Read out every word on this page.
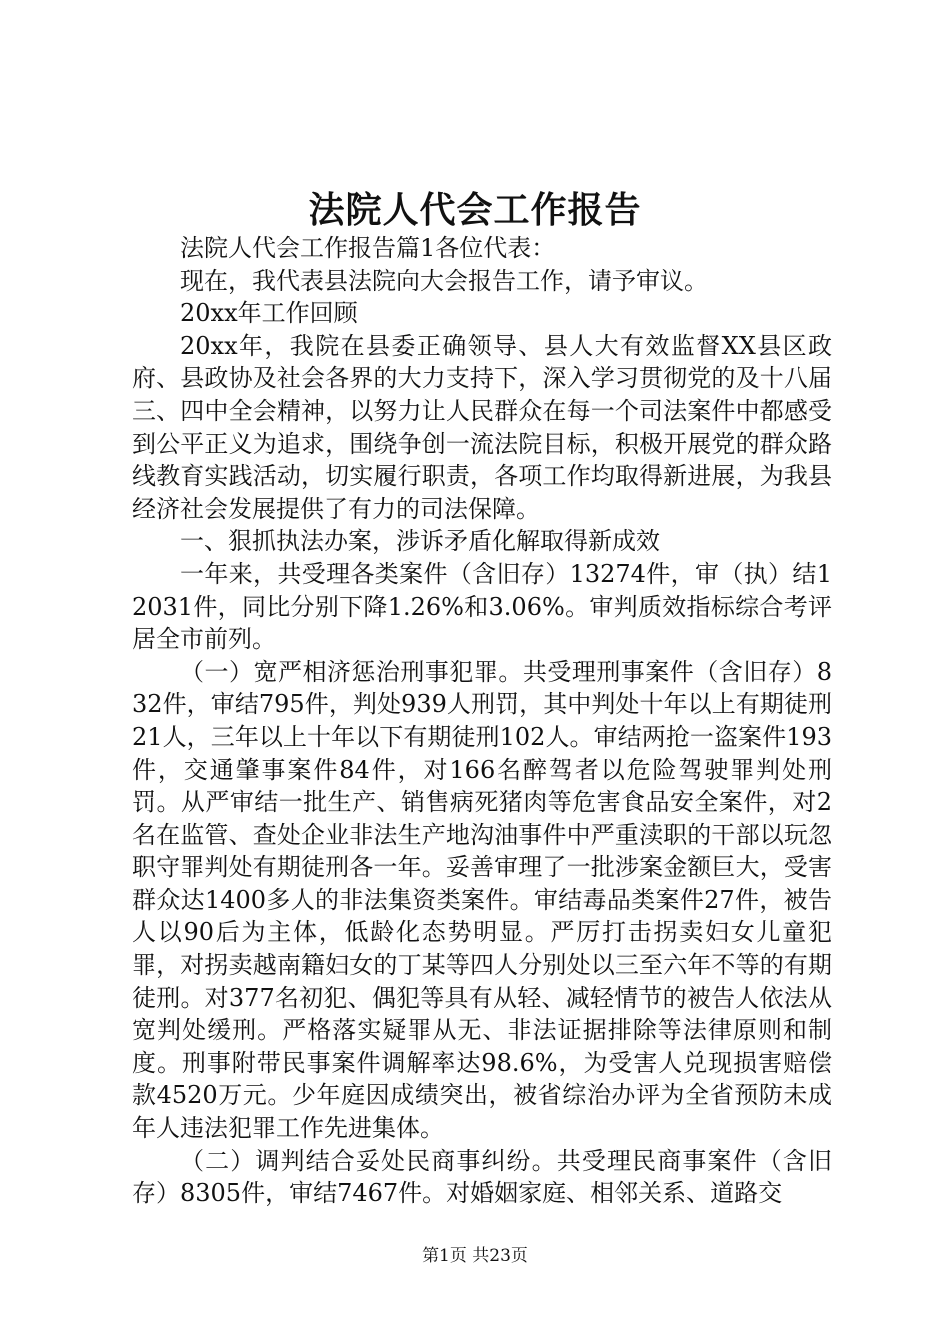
法院人代会工作报告

法院人代会工作报告篇1各位代表：

现在，我代表县法院向大会报告工作，请予审议。

20xx年工作回顾

20xx年，我院在县委正确领导、县人大有效监督XX县区政府、县政协及社会各界的大力支持下，深入学习贯彻党的及十八届三、四中全会精神，以努力让人民群众在每一个司法案件中都感受到公平正义为追求，围绕争创一流法院目标，积极开展党的群众路线教育实践活动，切实履行职责，各项工作均取得新进展，为我县经济社会发展提供了有力的司法保障。

一、狠抓执法办案，涉诉矛盾化解取得新成效

一年来，共受理各类案件（含旧存）13274件，审（执）结12031件，同比分别下降1.26%和3.06%。审判质效指标综合考评居全市前列。

（一）宽严相济惩治刑事犯罪。共受理刑事案件（含旧存）832件，审结795件，判处939人刑罚，其中判处十年以上有期徒刑21人，三年以上十年以下有期徒刑102人。审结两抢一盗案件193件，交通肇事案件84件，对166名醉驾者以危险驾驶罪判处刑罚。从严审结一批生产、销售病死猪肉等危害食品安全案件，对2名在监管、查处企业非法生产地沟油事件中严重渎职的干部以玩忽职守罪判处有期徒刑各一年。妥善审理了一批涉案金额巨大，受害群众达1400多人的非法集资类案件。审结毒品类案件27件，被告人以90后为主体，低龄化态势明显。严厉打击拐卖妇女儿童犯罪，对拐卖越南籍妇女的丁某等四人分别处以三至六年不等的有期徒刑。对377名初犯、偶犯等具有从轻、减轻情节的被告人依法从宽判处缓刑。严格落实疑罪从无、非法证据排除等法律原则和制度。刑事附带民事案件调解率达98.6%，为受害人兑现损害赔偿款4520万元。少年庭因成绩突出，被省综治办评为全省预防未成年人违法犯罪工作先进集体。

（二）调判结合妥处民商事纠纷。共受理民商事案件（含旧存）8305件，审结7467件。对婚姻家庭、相邻关系、道路交

第1页 共23页
